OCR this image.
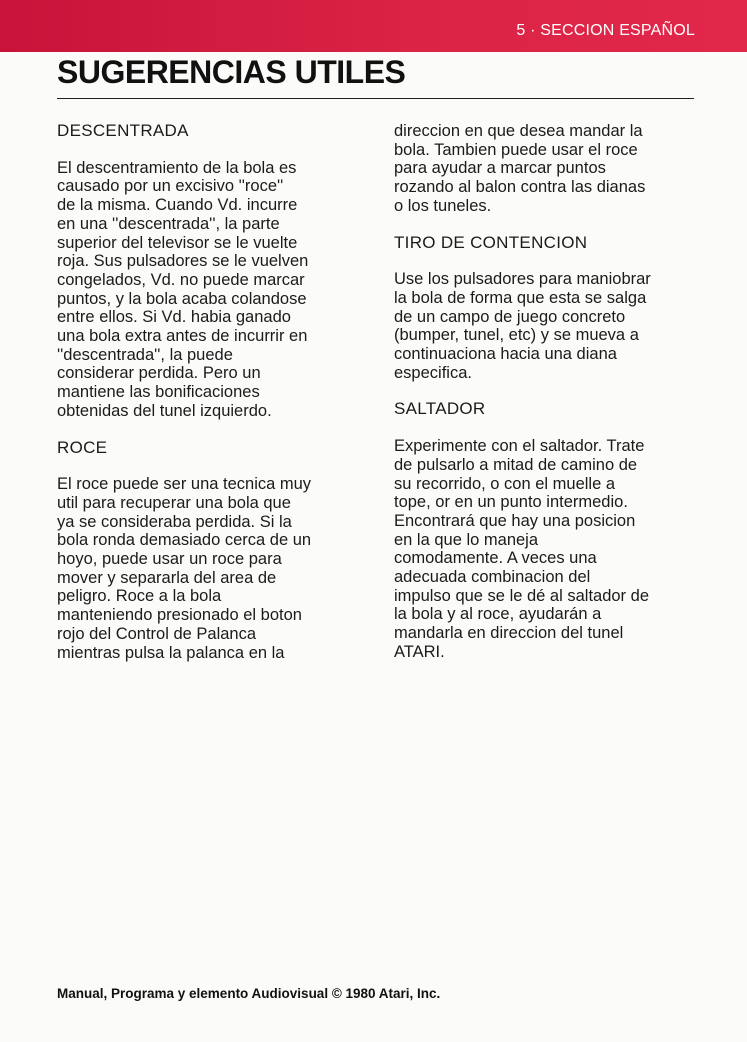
5 · SECCION ESPAÑOL
SUGERENCIAS UTILES
DESCENTRADA

El descentramiento de la bola es
causado por un excisivo ''roce''
de la misma. Cuando Vd. incurre
en una ''descentrada'', la parte
superior del televisor se le vuelte
roja. Sus pulsadores se le vuelven
congelados, Vd. no puede marcar
puntos, y la bola acaba colandose
entre ellos. Si Vd. habia ganado
una bola extra antes de incurrir en
''descentrada'', la puede
considerar perdida. Pero un
mantiene las bonificaciones
obtenidas del tunel izquierdo.

ROCE

El roce puede ser una tecnica muy
util para recuperar una bola que
ya se consideraba perdida. Si la
bola ronda demasiado cerca de un
hoyo, puede usar un roce para
mover y separarla del area de
peligro. Roce a la bola
manteniendo presionado el boton
rojo del Control de Palanca
mientras pulsa la palanca en la

direccion en que desea mandar la
bola. Tambien puede usar el roce
para ayudar a marcar puntos
rozando al balon contra las dianas
o los tuneles.

TIRO DE CONTENCION

Use los pulsadores para maniobrar
la bola de forma que esta se salga
de un campo de juego concreto
(bumper, tunel, etc) y se mueva a
continuaciona hacia una diana
especifica.

SALTADOR

Experimente con el saltador. Trate
de pulsarlo a mitad de camino de
su recorrido, o con el muelle a
tope, or en un punto intermedio.
Encontrará que hay una posicion
en la que lo maneja
comodamente. A veces una
adecuada combinacion del
impulso que se le dé al saltador de
la bola y al roce, ayudarán a
mandarla en direccion del tunel
ATARI.

Manual, Programa y elemento Audiovisual © 1980 Atari, Inc.
